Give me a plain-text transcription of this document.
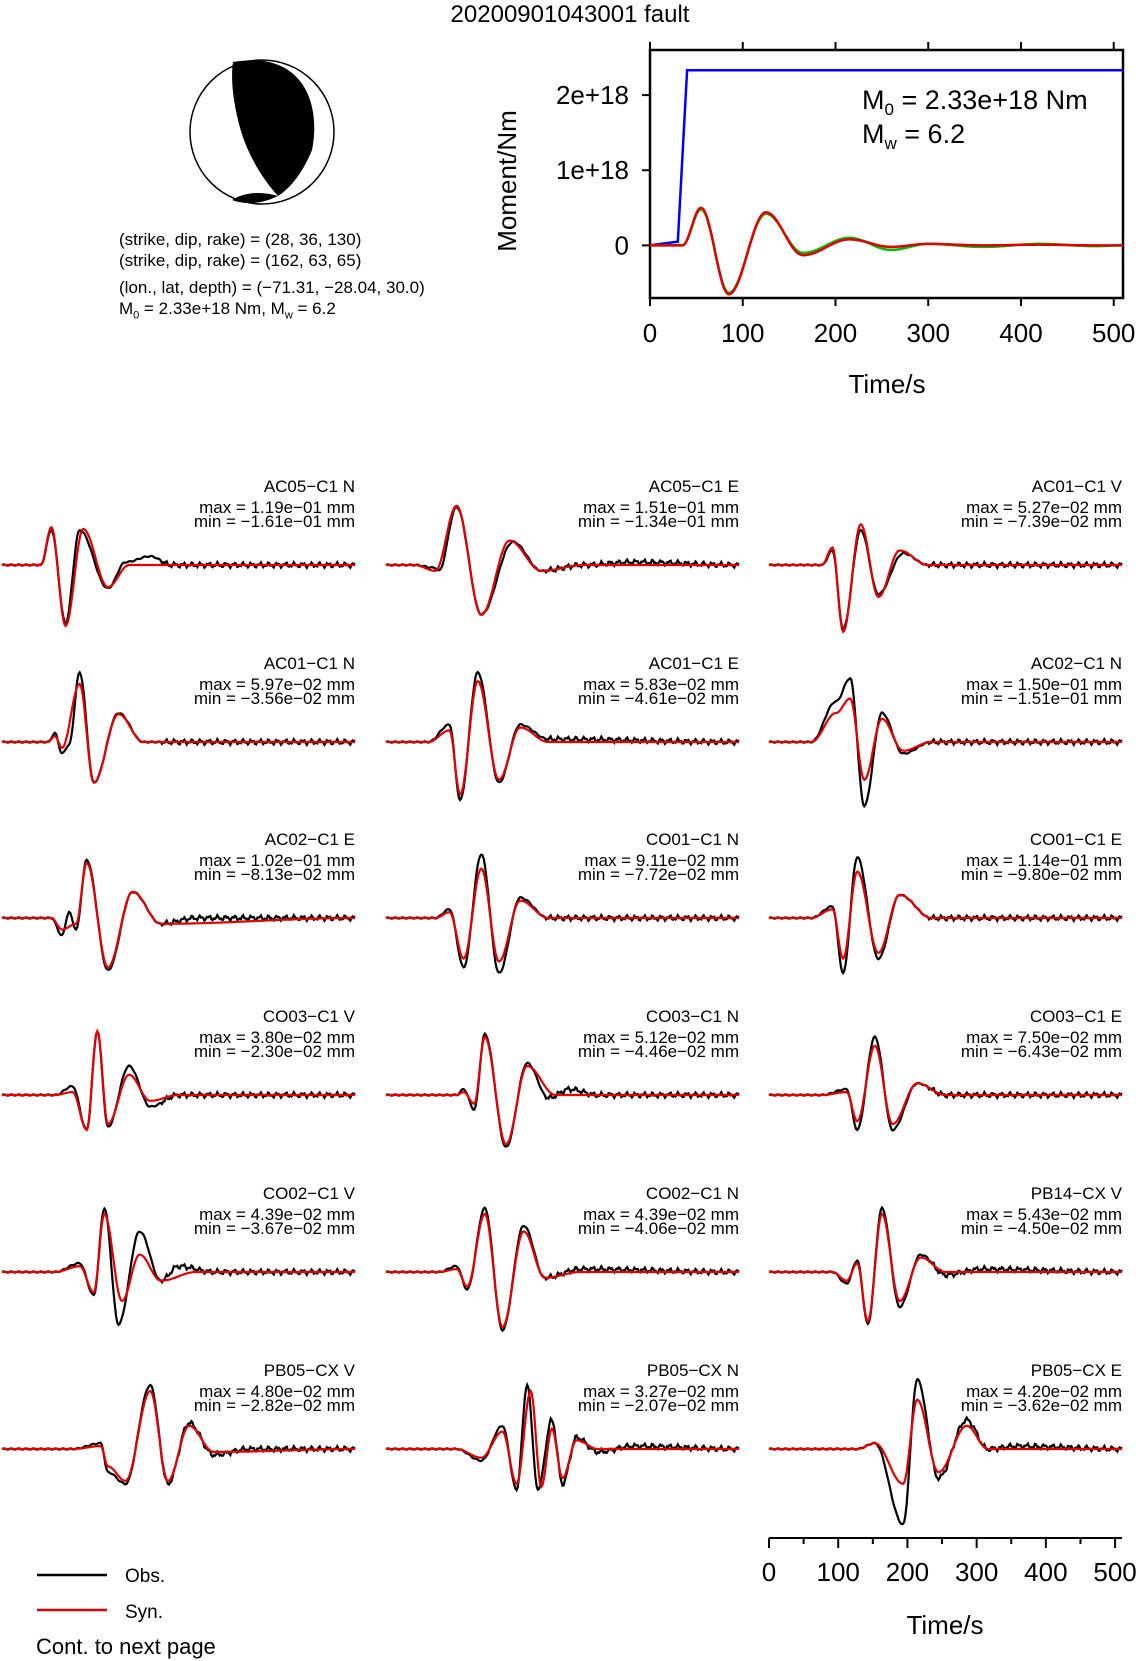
20200901043001 fault
0 100 200 300 400 500
0
1e+18
2e+18	$M_0 = 2.33e+18$ Nm
$M_w = 6.2$
Time/s
Moment/Nm
AC05−C1 N
max = 1.19e−01 mm
min = −1.61e−01 mm
AC05−C1 E
max = 1.51e−01 mm
min = −1.34e−01 mm
AC01−C1 V
max = 5.27e−02 mm
min = −7.39e−02 mm
AC01−C1 N
max = 5.97e−02 mm
min = −3.56e−02 mm
AC01−C1 E
max = 5.83e−02 mm
min = −4.61e−02 mm
AC02−C1 N
max = 1.50e−01 mm
min = −1.51e−01 mm
AC02−C1 E
max = 1.02e−01 mm
min = −8.13e−02 mm
CO01−C1 N
max = 9.11e−02 mm
min = −7.72e−02 mm
CO01−C1 E
max = 1.14e−01 mm
min = −9.80e−02 mm
CO03−C1 V
max = 3.80e−02 mm
min = −2.30e−02 mm
CO03−C1 N
max = 5.12e−02 mm
min = −4.46e−02 mm
CO03−C1 E
max = 7.50e−02 mm
min = −6.43e−02 mm
CO02−C1 V
max = 4.39e−02 mm
min = −3.67e−02 mm
CO02−C1 N
max = 4.39e−02 mm
min = −4.06e−02 mm
PB14−CX V
max = 5.43e−02 mm
min = −4.50e−02 mm
PB05−CX V
max = 4.80e−02 mm
min = −2.82e−02 mm
PB05−CX N
max = 3.27e−02 mm
min = −2.07e−02 mm
PB05−CX E
max = 4.20e−02 mm
min = −3.62e−02 mm
0 100 200 300 400 500
Time/s
Obs.
Syn.
Cont. to next page
(strike, dip, rake) = (28, 36, 130)
(strike, dip, rake) = (162, 63, 65)
(lon., lat, depth) = (−71.31, −28.04, 30.0)
$M_0 = 2.33e+18$ Nm, $M_w = 6.2$
